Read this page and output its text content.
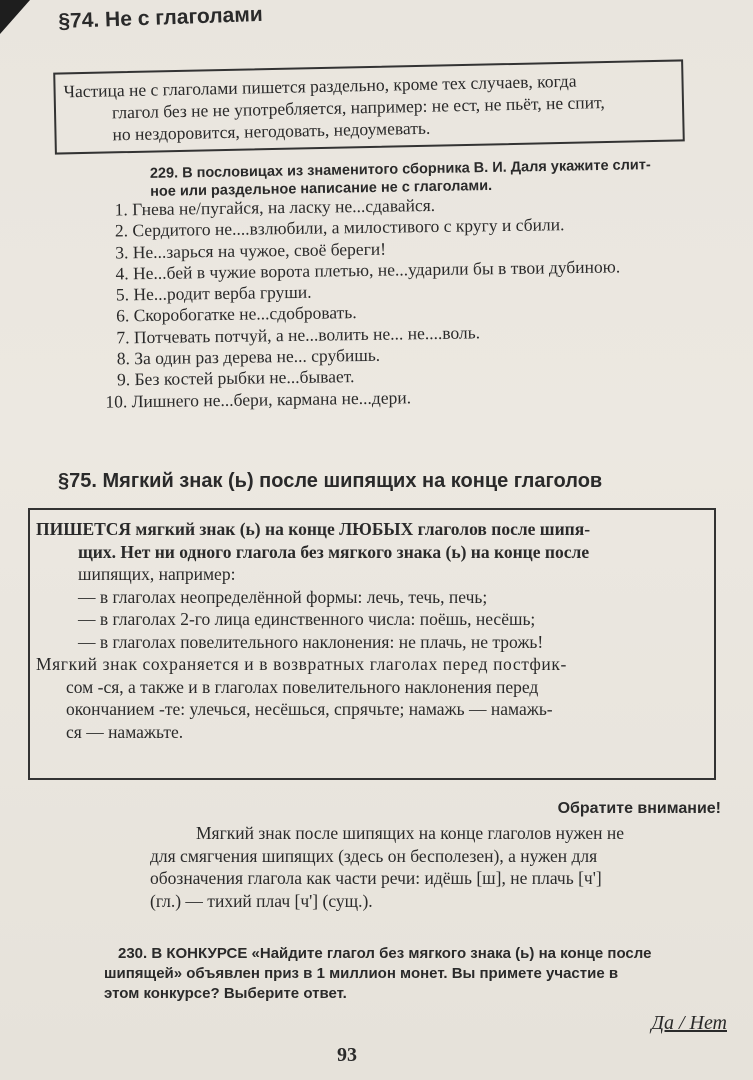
§74. Не с глаголами

Частица не с глаголами пишется раздельно, кроме тех случаев, когда

глагол без не не употребляется, например: не ест, не пьёт, не спит,

но нездоровится, негодовать, недоумевать.

229. В пословицах из знаменитого сборника В. И. Даля укажите слит-
ное или раздельное написание не с глаголами.
1. Гнева не/пугайся, на ласку не...сдавайся.
2. Сердитого не....взлюбили, а милостивого с кругу и сбили.
3. Не...зарься на чужое, своё береги!
4. Не...бей в чужие ворота плетью, не...ударили бы в твои дубиною.
5. Не...родит верба груши.
6. Скоробогатке не...сдобровать.
7. Потчевать потчуй, а не...волить не... не....воль.
8. За один раз дерева не... срубишь.
9. Без костей рыбки не...бывает.
10. Лишнего не...бери, кармана не...дери.
§75. Мягкий знак (ь) после шипящих на конце глаголов

ПИШЕТСЯ мягкий знак (ь) на конце ЛЮБЫХ глаголов после шипя-

щих. Нет ни одного глагола без мягкого знака (ь) на конце после

шипящих, например:

— в глаголах неопределённой формы: лечь, течь, печь;

— в глаголах 2-го лица единственного числа: поёшь, несёшь;

— в глаголах повелительного наклонения: не плачь, не трожь!

Мягкий знак сохраняется и в возвратных глаголах перед постфик-

сом -ся, а также и в глаголах повелительного наклонения перед

окончанием -те: улечься, несёшься, спрячьте; намажь — намажь-

ся — намажьте.

Обратите внимание!

Мягкий знак после шипящих на конце глаголов нужен не

для смягчения шипящих (здесь он бесполезен), а нужен для

обозначения глагола как части речи: идёшь [ш], не плачь [ч']

(гл.) — тихий плач [ч'] (сущ.).

230. В КОНКУРСЕ «Найдите глагол без мягкого знака (ь) на конце после
шипящей» объявлен приз в 1 миллион монет. Вы примете участие в
этом конкурсе? Выберите ответ.
Да / Нет
93
